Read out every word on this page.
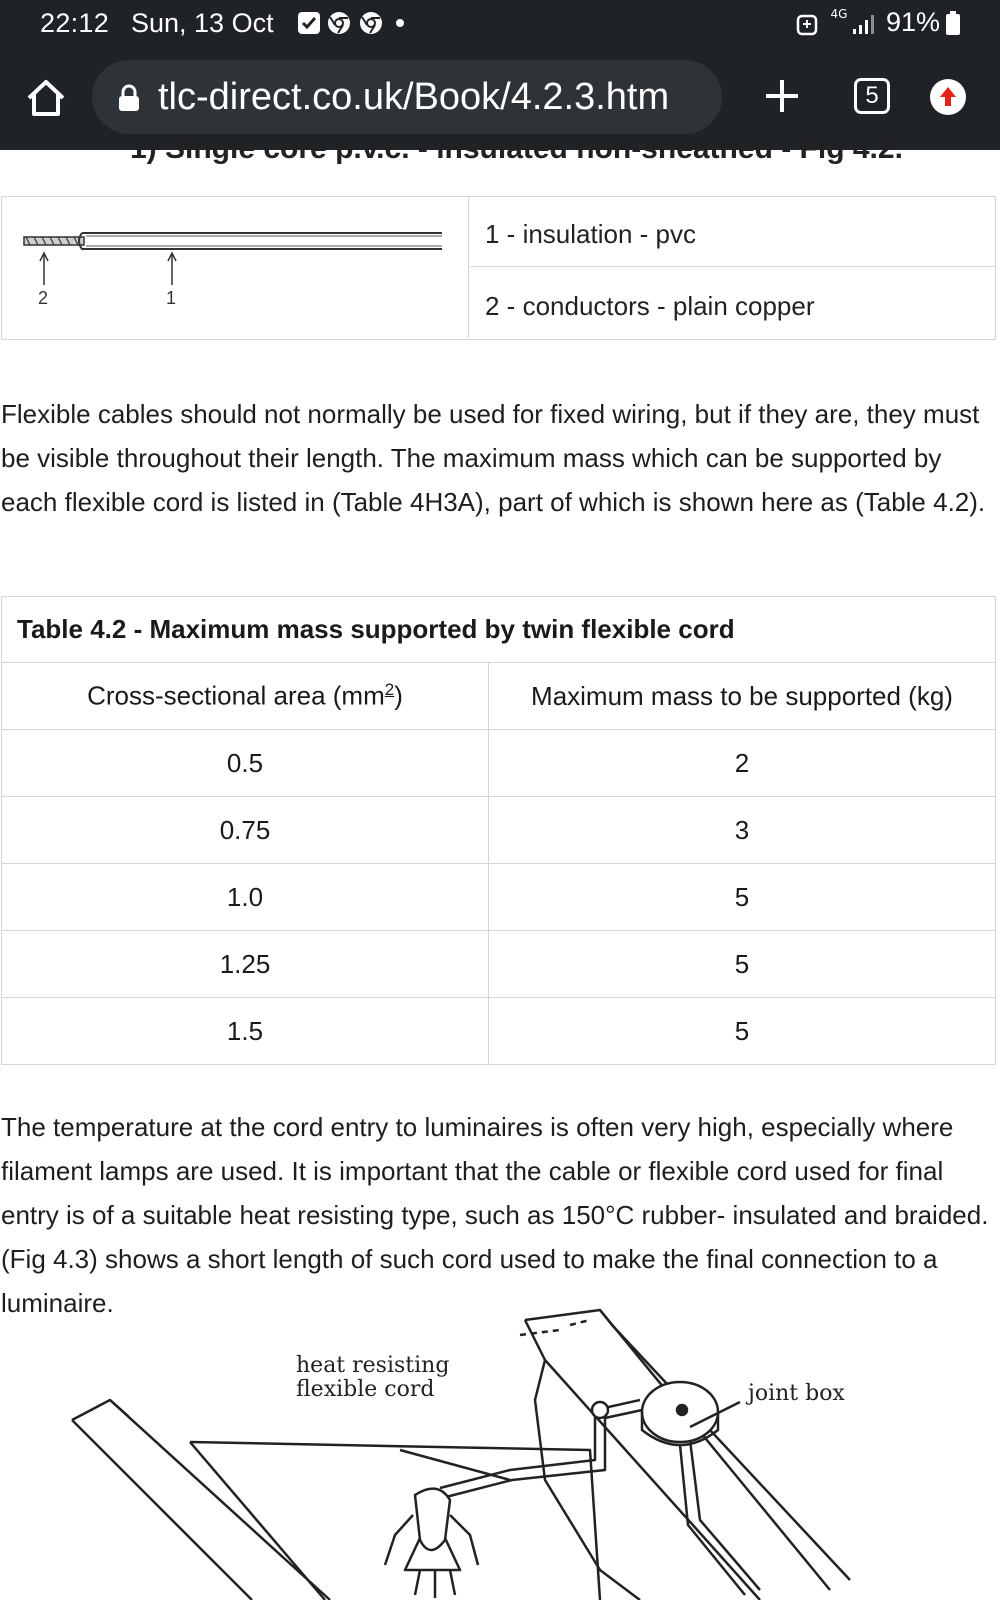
22:12 Sun, 13 Oct	4G 91%
tlc-direct.co.uk/Book/4.2.3.htm	5
1) Single core p.v.c. - insulated non-sheathed - Fig 4.2.
2	1
1 - insulation - pvc
2 - conductors - plain copper

Flexible cables should not normally be used for fixed wiring, but if they are, they must be visible throughout their length. The maximum mass which can be supported by each flexible cord is listed in (Table 4H3A), part of which is shown here as (Table 4.2).

Table 4.2 - Maximum mass supported by twin flexible cord	
Cross-sectional area $(mm^2)$	Maximum mass to be supported (kg)
0.5	2
0.75	3
1.0	5
1.25	5
1.5	5

The temperature at the cord entry to luminaires is often very high, especially where filament lamps are used. It is important that the cable or flexible cord used for final entry is of a suitable heat resisting type, such as 150°C rubber- insulated and braided. (Fig 4.3) shows a short length of such cord used to make the final connection to a luminaire.

heat resisting
flexible cord	joint box
